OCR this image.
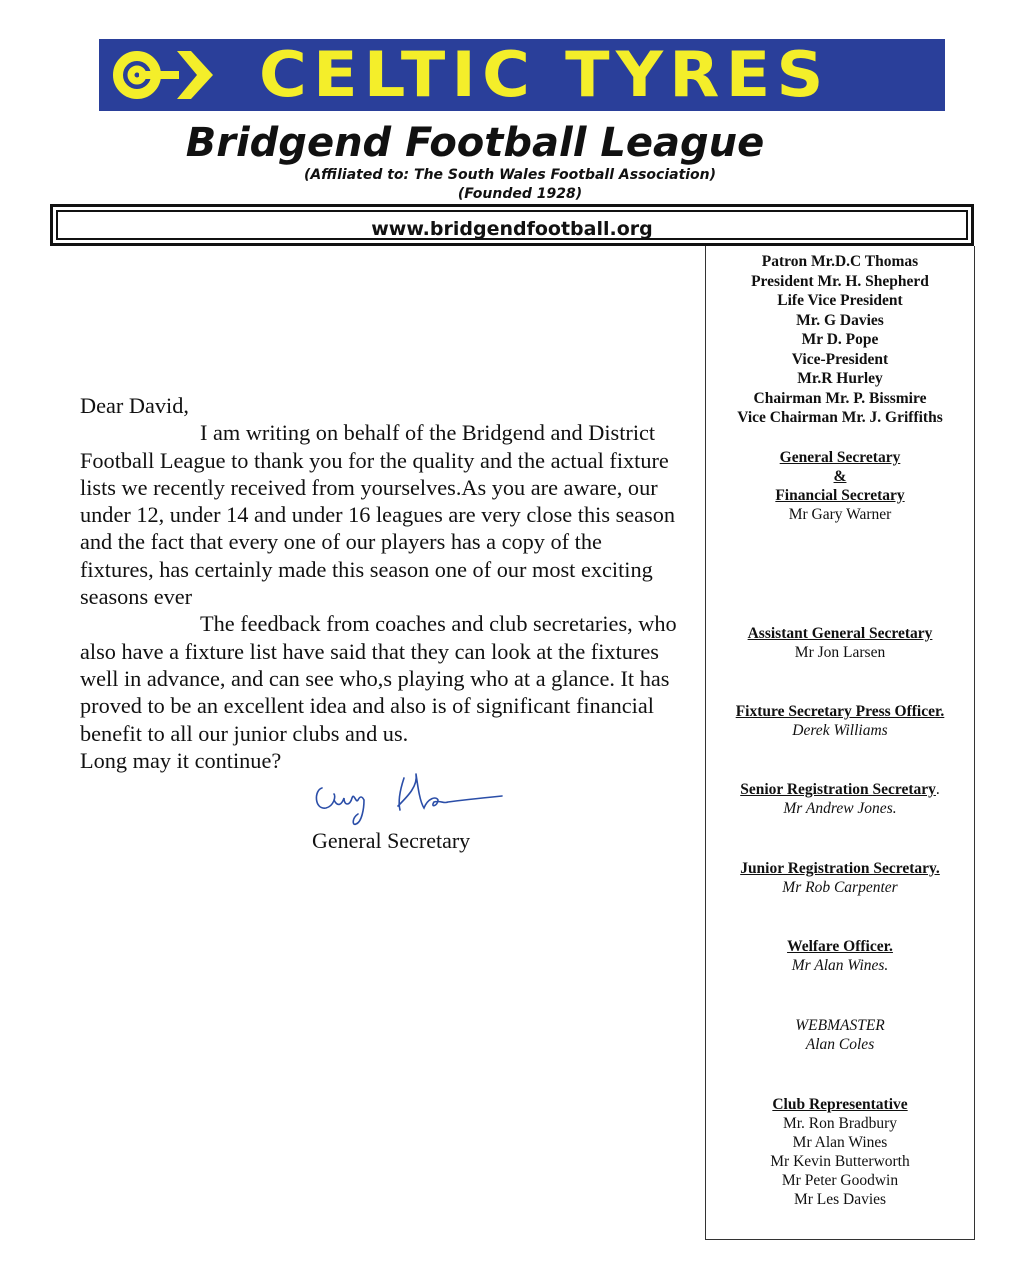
CELTIC TYRES
Bridgend Football League
(Affiliated to: The South Wales Football Association)
(Founded 1928)
www.bridgendfootball.org
Patron Mr.D.C Thomas
President Mr. H. Shepherd
Life Vice President
Mr. G Davies
Mr D. Pope
Vice-President
Mr.R Hurley
Chairman Mr. P. Bissmire
Vice Chairman Mr. J. Griffiths
General Secretary
&
Financial Secretary
Mr Gary Warner
Assistant General Secretary
Mr Jon Larsen
Fixture Secretary Press Officer.
Derek Williams
Senior Registration Secretary.
Mr Andrew Jones.
Junior Registration Secretary.
Mr Rob Carpenter
Welfare Officer.
Mr Alan Wines.
WEBMASTER
Alan Coles
Club Representative
Mr. Ron Bradbury
Mr Alan Wines
Mr Kevin Butterworth
Mr Peter Goodwin
Mr Les Davies

Dear David,

I am writing on behalf of the Bridgend and District Football League to thank you for the quality and the actual fixture lists we recently received from yourselves.As you are aware, our under 12, under 14 and under 16 leagues are very close this season and the fact that every one of our players has a copy of the fixtures, has certainly made this season one of our most exciting seasons ever

The feedback from coaches and club secretaries, who also have a fixture list have said that they can look at the fixtures well in advance, and can see who,s playing who at a glance. It has proved to be an excellent idea and also is of significant financial benefit to all our junior clubs and us.

Long may it continue?

General Secretary
